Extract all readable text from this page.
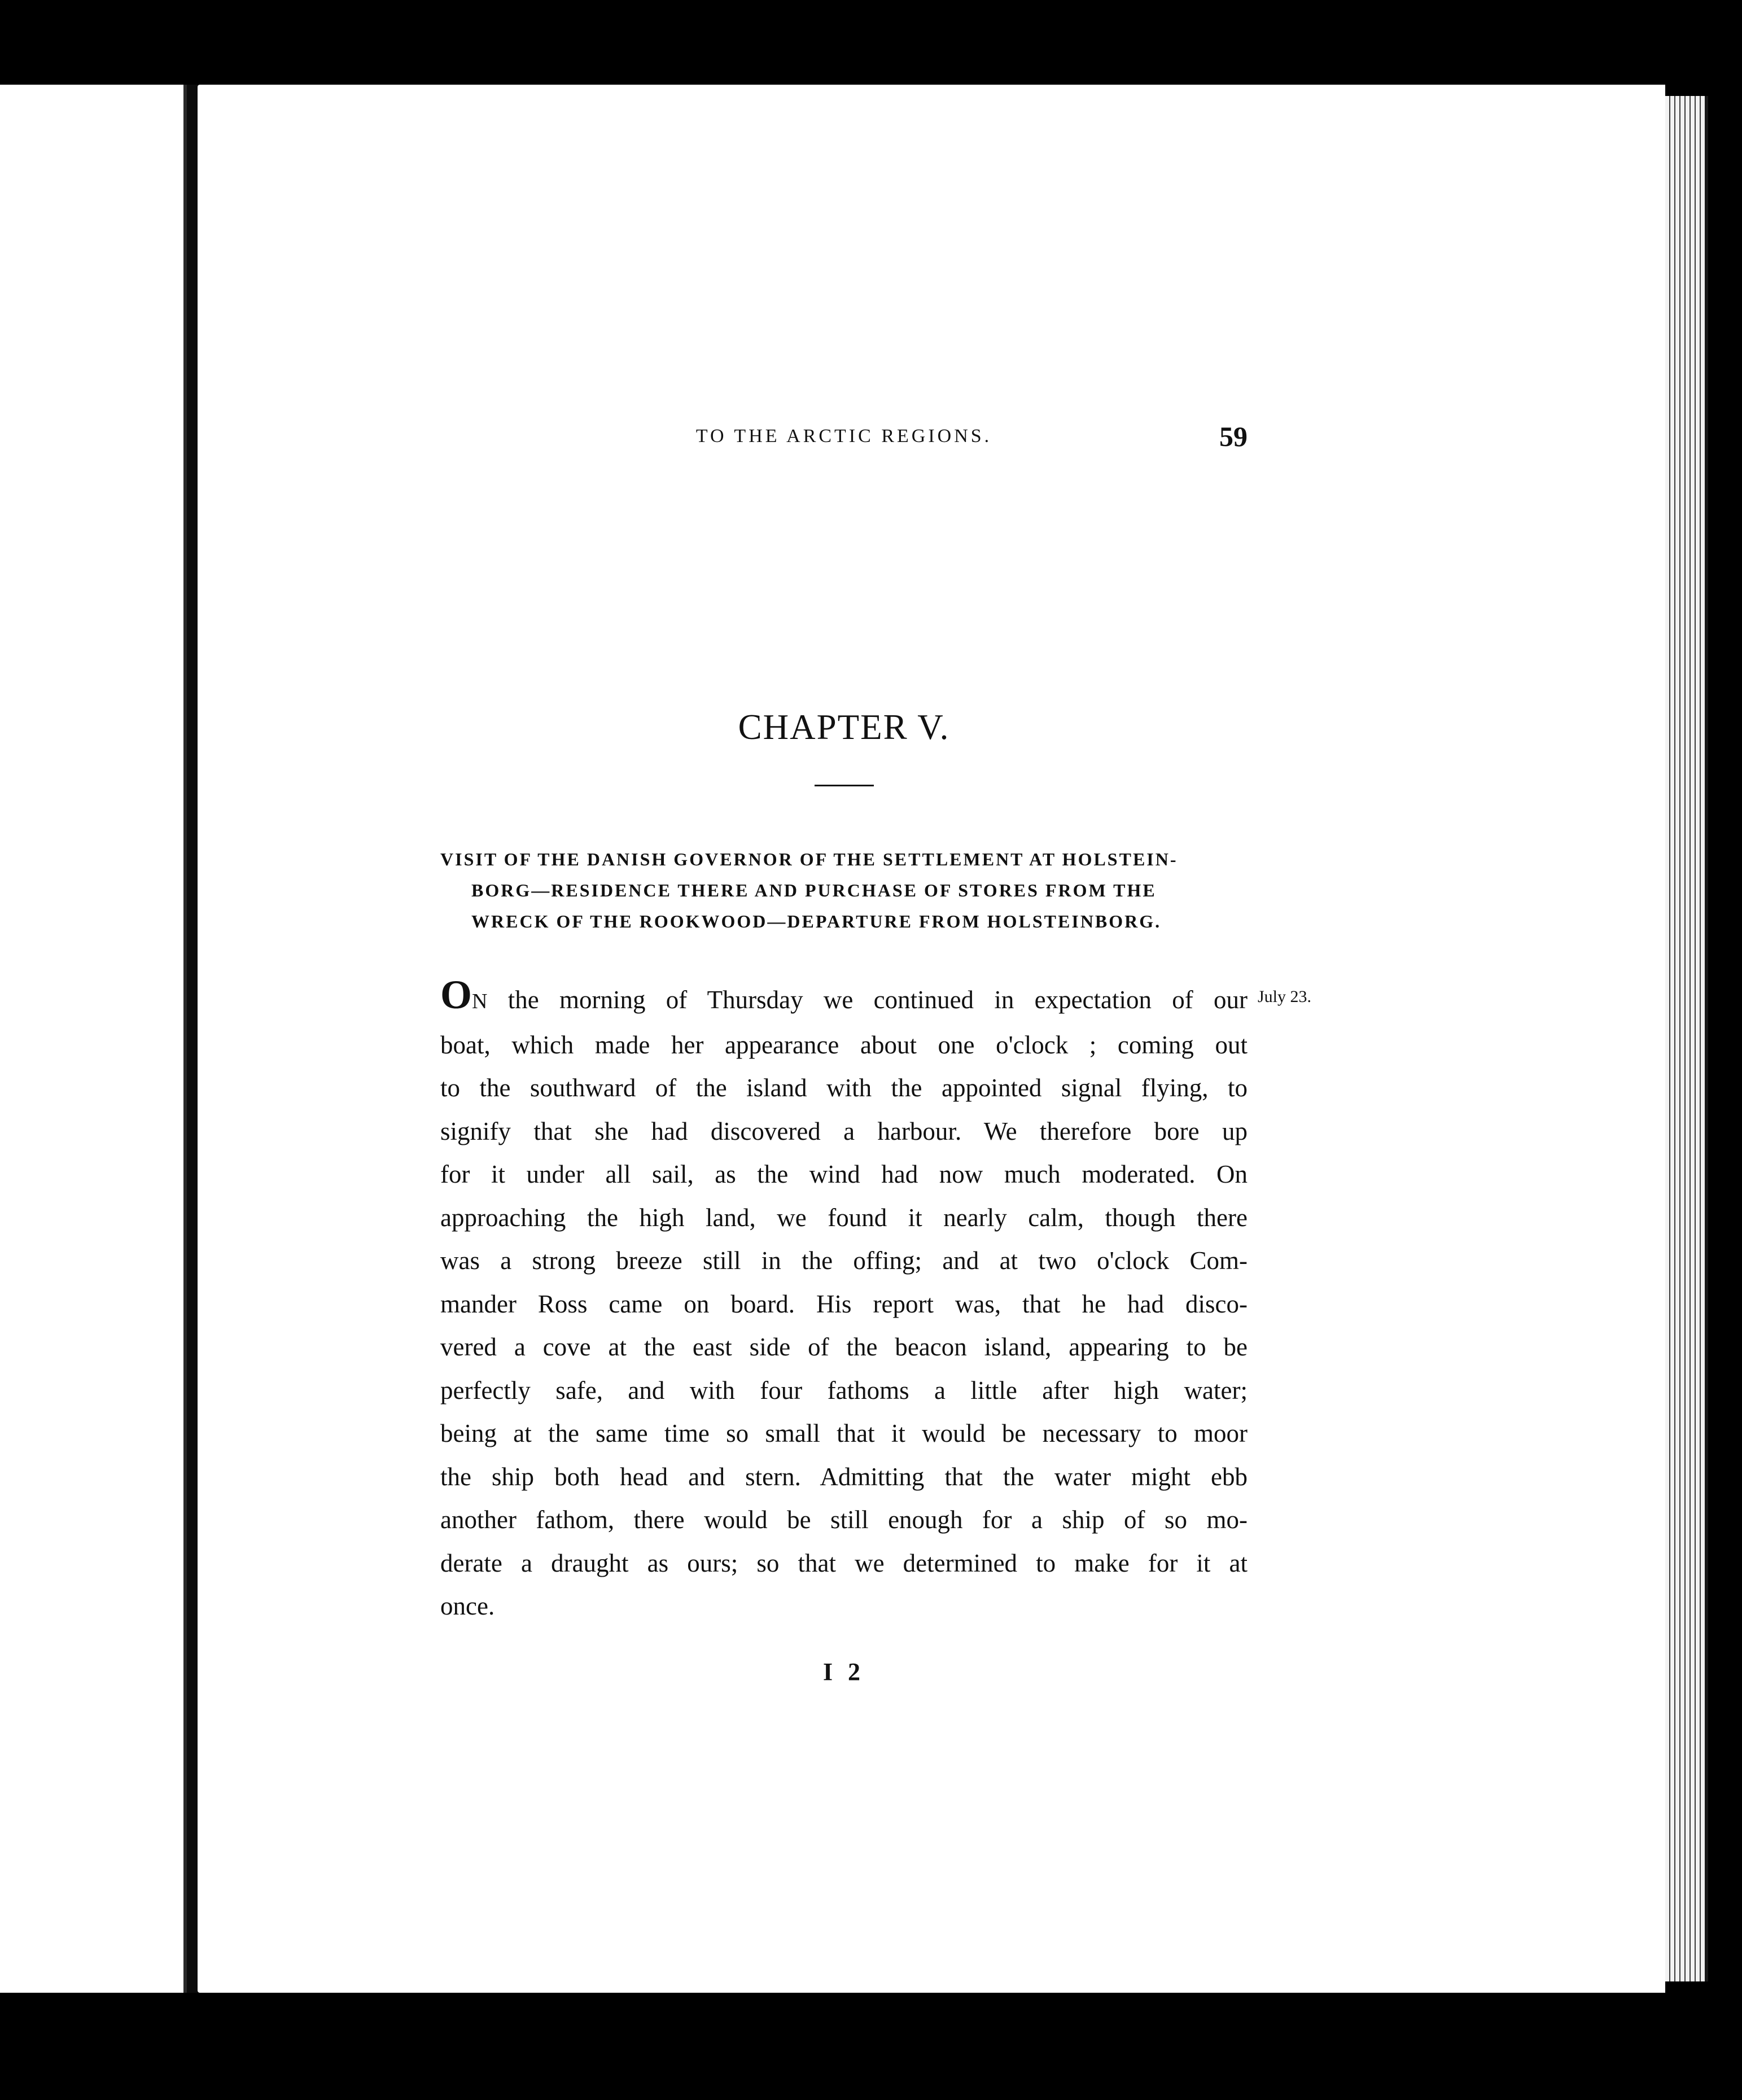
TO THE ARCTIC REGIONS.	59
CHAPTER V.
VISIT OF THE DANISH GOVERNOR OF THE SETTLEMENT AT HOLSTEIN-
BORG—RESIDENCE THERE AND PURCHASE OF STORES FROM THE
WRECK OF THE ROOKWOOD—DEPARTURE FROM HOLSTEINBORG.
July 23.
ON the morning of Thursday we continued in expectation of our
boat, which made her appearance about one o'clock ; coming out
to the southward of the island with the appointed signal flying, to
signify that she had discovered a harbour. We therefore bore up
for it under all sail, as the wind had now much moderated. On
approaching the high land, we found it nearly calm, though there
was a strong breeze still in the offing; and at two o'clock Com-
mander Ross came on board. His report was, that he had disco-
vered a cove at the east side of the beacon island, appearing to be
perfectly safe, and with four fathoms a little after high water;
being at the same time so small that it would be necessary to moor
the ship both head and stern. Admitting that the water might ebb
another fathom, there would be still enough for a ship of so mo-
derate a draught as ours; so that we determined to make for it at
once.
I 2
